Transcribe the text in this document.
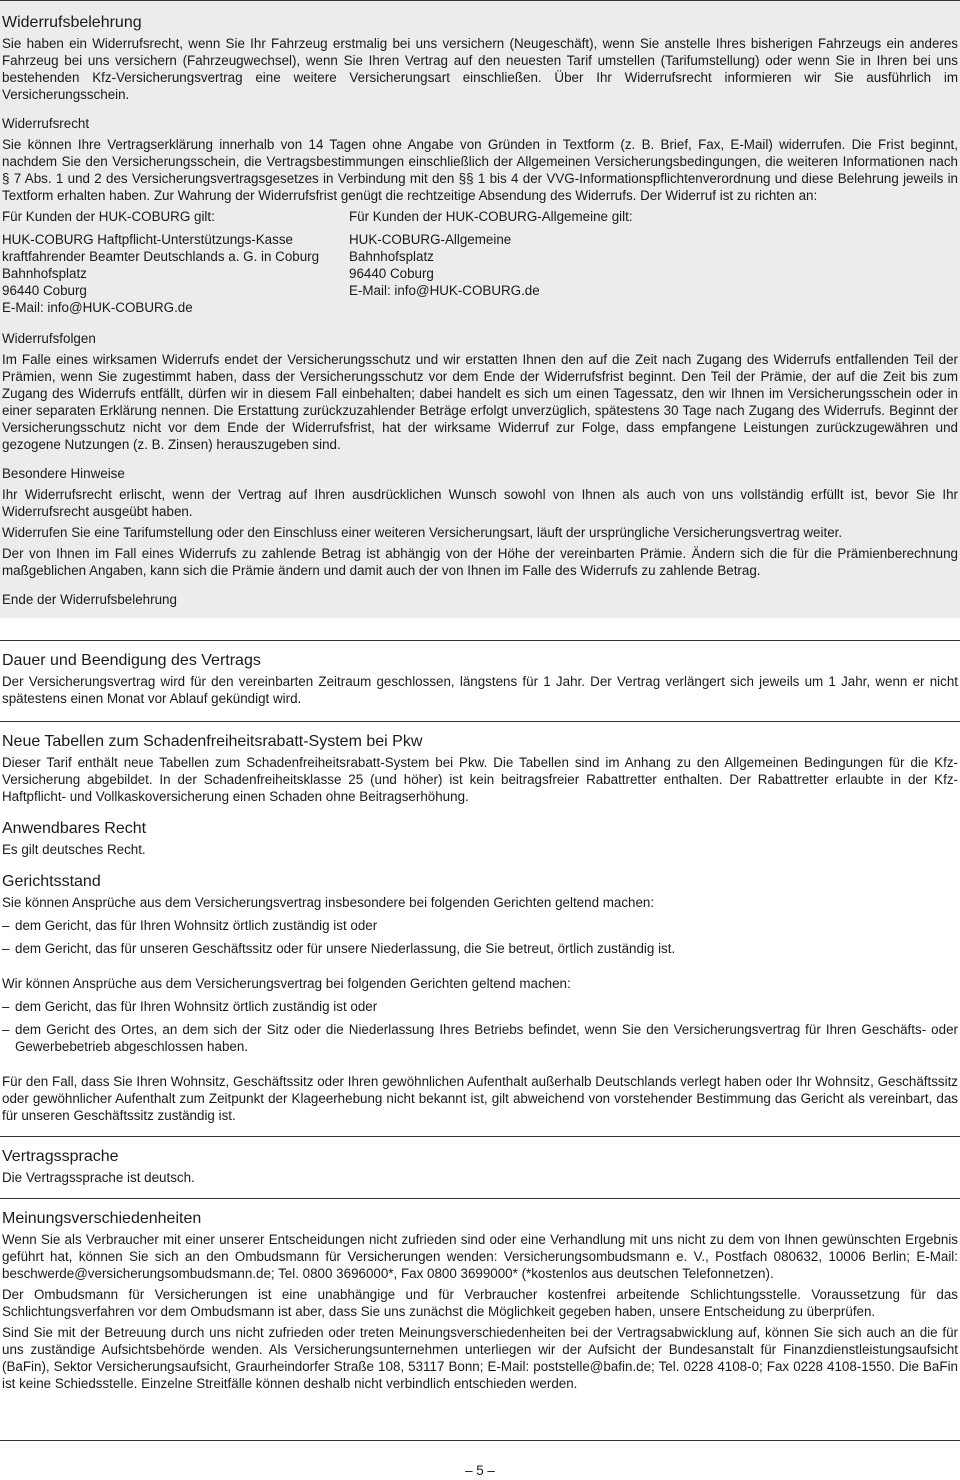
Widerrufsbelehrung

Sie haben ein Widerrufsrecht, wenn Sie Ihr Fahrzeug erstmalig bei uns versichern (Neugeschäft), wenn Sie anstelle Ihres bisherigen Fahrzeugs ein anderes Fahrzeug bei uns versichern (Fahrzeugwechsel), wenn Sie Ihren Vertrag auf den neuesten Tarif umstellen (Tarifumstellung) oder wenn Sie in Ihren bei uns bestehenden Kfz-Versicherungsvertrag eine weitere Versicherungsart einschließen. Über Ihr Widerrufsrecht informieren wir Sie ausführlich im Versicherungsschein.

Widerrufsrecht

Sie können Ihre Vertragserklärung innerhalb von 14 Tagen ohne Angabe von Gründen in Textform (z. B. Brief, Fax, E-Mail) widerrufen. Die Frist beginnt, nachdem Sie den Versicherungsschein, die Vertragsbestimmungen einschließlich der Allgemeinen Versicherungsbedingungen, die weiteren Informationen nach § 7 Abs. 1 und 2 des Versicherungsvertragsgesetzes in Verbindung mit den §§ 1 bis 4 der VVG-Informationspflichtenverordnung und diese Belehrung jeweils in Textform erhalten haben. Zur Wahrung der Widerrufsfrist genügt die rechtzeitige Absendung des Widerrufs. Der Widerruf ist zu richten an:

Für Kunden der HUK-COBURG gilt:
HUK-COBURG Haftpflicht-Unterstützungs-Kasse
kraftfahrender Beamter Deutschlands a. G. in Coburg
Bahnhofsplatz
96440 Coburg
E-Mail: info@HUK-COBURG.de
Für Kunden der HUK-COBURG-Allgemeine gilt:
HUK-COBURG-Allgemeine
Bahnhofsplatz
96440 Coburg
E-Mail: info@HUK-COBURG.de
Widerrufsfolgen

Im Falle eines wirksamen Widerrufs endet der Versicherungsschutz und wir erstatten Ihnen den auf die Zeit nach Zugang des Widerrufs entfallenden Teil der Prämien, wenn Sie zugestimmt haben, dass der Versicherungsschutz vor dem Ende der Widerrufsfrist beginnt. Den Teil der Prämie, der auf die Zeit bis zum Zugang des Widerrufs entfällt, dürfen wir in diesem Fall einbehalten; dabei handelt es sich um einen Tagessatz, den wir Ihnen im Versicherungsschein oder in einer separaten Erklärung nennen. Die Erstattung zurückzuzahlender Beträge erfolgt unverzüglich, spätestens 30 Tage nach Zugang des Widerrufs. Beginnt der Versicherungsschutz nicht vor dem Ende der Widerrufsfrist, hat der wirksame Widerruf zur Folge, dass empfangene Leistungen zurückzugewähren und gezogene Nutzungen (z. B. Zinsen) herauszugeben sind.

Besondere Hinweise

Ihr Widerrufsrecht erlischt, wenn der Vertrag auf Ihren ausdrücklichen Wunsch sowohl von Ihnen als auch von uns vollständig erfüllt ist, bevor Sie Ihr Widerrufsrecht ausgeübt haben.

Widerrufen Sie eine Tarifumstellung oder den Einschluss einer weiteren Versicherungsart, läuft der ursprüngliche Versicherungsvertrag weiter.

Der von Ihnen im Fall eines Widerrufs zu zahlende Betrag ist abhängig von der Höhe der vereinbarten Prämie. Ändern sich die für die Prämienberechnung maßgeblichen Angaben, kann sich die Prämie ändern und damit auch der von Ihnen im Falle des Widerrufs zu zahlende Betrag.

Ende der Widerrufsbelehrung

Dauer und Beendigung des Vertrags

Der Versicherungsvertrag wird für den vereinbarten Zeitraum geschlossen, längstens für 1 Jahr. Der Vertrag verlängert sich jeweils um 1 Jahr, wenn er nicht spätestens einen Monat vor Ablauf gekündigt wird.

Neue Tabellen zum Schadenfreiheitsrabatt-System bei Pkw

Dieser Tarif enthält neue Tabellen zum Schadenfreiheitsrabatt-System bei Pkw. Die Tabellen sind im Anhang zu den Allgemeinen Bedingungen für die Kfz-Versicherung abgebildet. In der Schadenfreiheitsklasse 25 (und höher) ist kein beitragsfreier Rabattretter enthalten. Der Rabattretter erlaubte in der Kfz-Haftpflicht- und Vollkaskoversicherung einen Schaden ohne Beitragserhöhung.

Anwendbares Recht

Es gilt deutsches Recht.

Gerichtsstand

Sie können Ansprüche aus dem Versicherungsvertrag insbesondere bei folgenden Gerichten geltend machen:

– dem Gericht, das für Ihren Wohnsitz örtlich zuständig ist oder
– dem Gericht, das für unseren Geschäftssitz oder für unsere Niederlassung, die Sie betreut, örtlich zuständig ist.

Wir können Ansprüche aus dem Versicherungsvertrag bei folgenden Gerichten geltend machen:

– dem Gericht, das für Ihren Wohnsitz örtlich zuständig ist oder
– dem Gericht des Ortes, an dem sich der Sitz oder die Niederlassung Ihres Betriebs befindet, wenn Sie den Versicherungsvertrag für Ihren Geschäfts- oder Gewerbebetrieb abgeschlossen haben.

Für den Fall, dass Sie Ihren Wohnsitz, Geschäftssitz oder Ihren gewöhnlichen Aufenthalt außerhalb Deutschlands verlegt haben oder Ihr Wohnsitz, Geschäftssitz oder gewöhnlicher Aufenthalt zum Zeitpunkt der Klageerhebung nicht bekannt ist, gilt abweichend von vorstehender Bestimmung das Gericht als vereinbart, das für unseren Geschäftssitz zuständig ist.

Vertragssprache

Die Vertragssprache ist deutsch.

Meinungsverschiedenheiten

Wenn Sie als Verbraucher mit einer unserer Entscheidungen nicht zufrieden sind oder eine Verhandlung mit uns nicht zu dem von Ihnen gewünschten Ergebnis geführt hat, können Sie sich an den Ombudsmann für Versicherungen wenden: Versicherungsombudsmann e. V., Postfach 080632, 10006 Berlin; E-Mail: beschwerde@versicherungsombudsmann.de; Tel. 0800 3696000*, Fax 0800 3699000* (*kostenlos aus deutschen Telefonnetzen).

Der Ombudsmann für Versicherungen ist eine unabhängige und für Verbraucher kostenfrei arbeitende Schlichtungsstelle. Voraussetzung für das Schlichtungsverfahren vor dem Ombudsmann ist aber, dass Sie uns zunächst die Möglichkeit gegeben haben, unsere Entscheidung zu überprüfen.

Sind Sie mit der Betreuung durch uns nicht zufrieden oder treten Meinungsverschiedenheiten bei der Vertragsabwicklung auf, können Sie sich auch an die für uns zuständige Aufsichtsbehörde wenden. Als Versicherungsunternehmen unterliegen wir der Aufsicht der Bundesanstalt für Finanzdienstleistungsaufsicht (BaFin), Sektor Versicherungsaufsicht, Graurheindorfer Straße 108, 53117 Bonn; E-Mail: poststelle@bafin.de; Tel. 0228 4108-0; Fax 0228 4108-1550. Die BaFin ist keine Schiedsstelle. Einzelne Streitfälle können deshalb nicht verbindlich entschieden werden.

– 5 –
